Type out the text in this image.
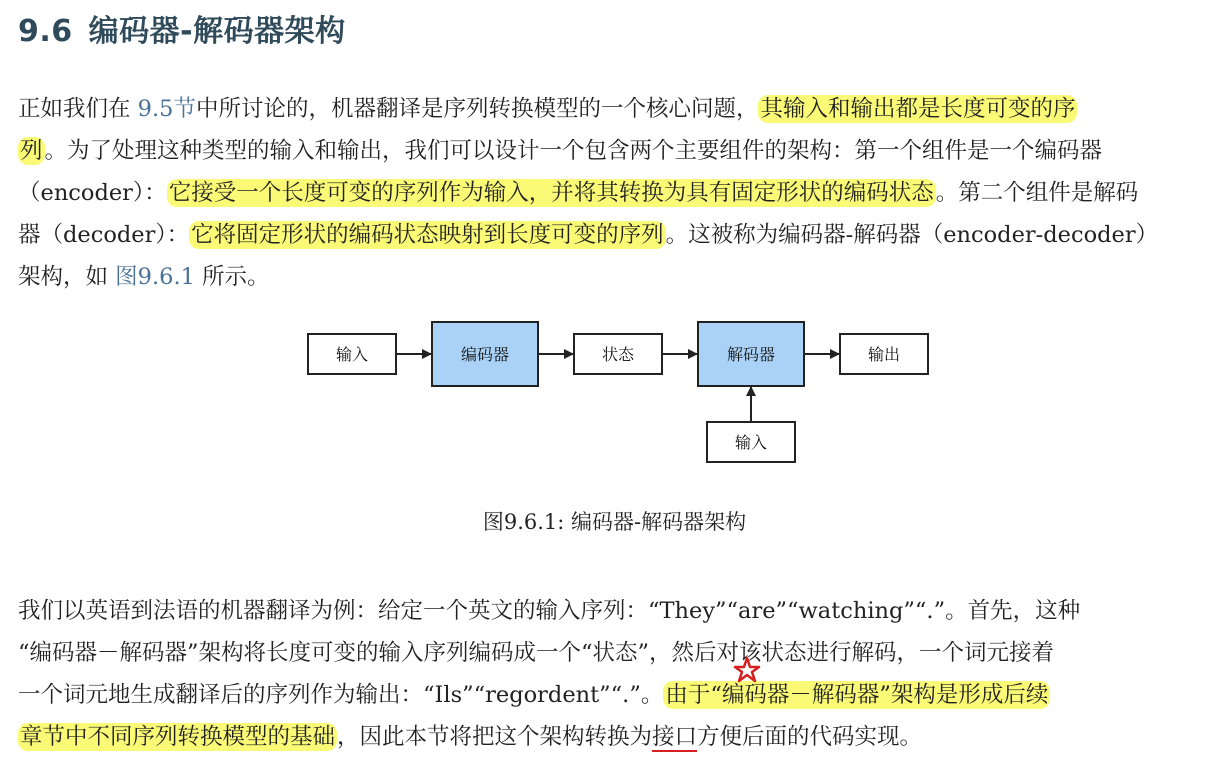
9.6 编码器-解码器架构
正如我们在 9.5节中所讨论的，机器翻译是序列转换模型的一个核心问题，其输入和输出都是长度可变的序
列。为了处理这种类型的输入和输出，我们可以设计一个包含两个主要组件的架构：第一个组件是一个编码器
（encoder）：它接受一个长度可变的序列作为输入，并将其转换为具有固定形状的编码状态。第二个组件是解码
器（decoder）：它将固定形状的编码状态映射到长度可变的序列。这被称为编码器-解码器（encoder-decoder）
架构，如 图9.6.1 所示。
输入	编码器	状态	解码器	输出
输入
图9.6.1: 编码器-解码器架构
我们以英语到法语的机器翻译为例：给定一个英文的输入序列：“They”“are”“watching”“.”。首先，这种
“编码器－解码器”架构将长度可变的输入序列编码成一个“状态”，然后对该状态进行解码，一个词元接着
一个词元地生成翻译后的序列作为输出：“Ils”“regordent”“.”。由于“编码器－解码器”架构是形成后续
章节中不同序列转换模型的基础，因此本节将把这个架构转换为接口方便后面的代码实现。
